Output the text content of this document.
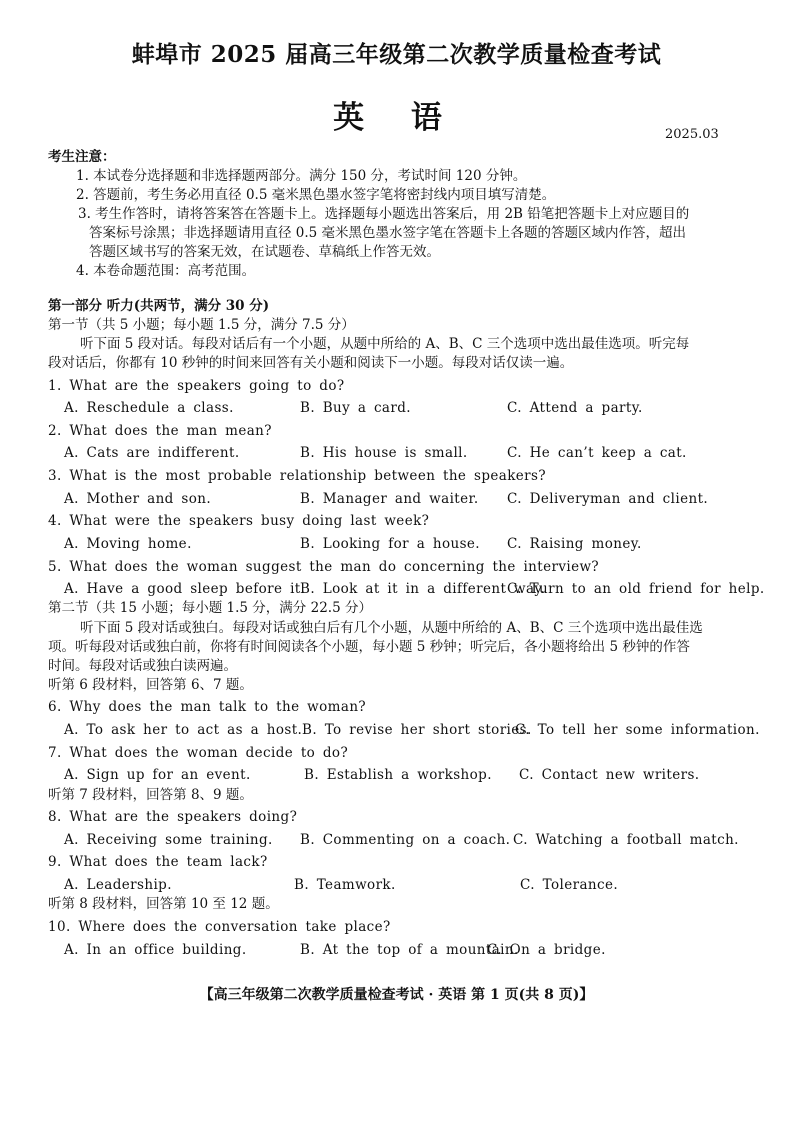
蚌埠市 2025 届高三年级第二次教学质量检查考试
英 语	2025.03
考生注意：
1. 本试卷分选择题和非选择题两部分。满分 150 分，考试时间 120 分钟。
2. 答题前，考生务必用直径 0.5 毫米黑色墨水签字笔将密封线内项目填写清楚。
3. 考生作答时，请将答案答在答题卡上。选择题每小题选出答案后，用 2B 铅笔把答题卡上对应题目的
答案标号涂黑；非选择题请用直径 0.5 毫米黑色墨水签字笔在答题卡上各题的答题区域内作答，超出
答题区域书写的答案无效，在试题卷、草稿纸上作答无效。
4. 本卷命题范围：高考范围。
第一部分 听力(共两节，满分 30 分)
第一节（共 5 小题；每小题 1.5 分，满分 7.5 分）
听下面 5 段对话。每段对话后有一个小题，从题中所给的 A、B、C 三个选项中选出最佳选项。听完每
段对话后，你都有 10 秒钟的时间来回答有关小题和阅读下一小题。每段对话仅读一遍。
1. What are the speakers going to do?
A. Reschedule a class.	B. Buy a card.	C. Attend a party.
2. What does the man mean?
A. Cats are indifferent.	B. His house is small.	C. He can’t keep a cat.
3. What is the most probable relationship between the speakers?
A. Mother and son.	B. Manager and waiter. C. Deliveryman and client.
4. What were the speakers busy doing last week?
A. Moving home.	B. Looking for a house. C. Raising money.
5. What does the woman suggest the man do concerning the interview?
A. Have a good sleep before it.
B. Look at it in a different way.
C. Turn to an old friend for help.
第二节（共 15 小题；每小题 1.5 分，满分 22.5 分）
听下面 5 段对话或独白。每段对话或独白后有几个小题，从题中所给的 A、B、C 三个选项中选出最佳选
项。听每段对话或独白前，你将有时间阅读各个小题，每小题 5 秒钟；听完后，各小题将给出 5 秒钟的作答
时间。每段对话或独白读两遍。
听第 6 段材料，回答第 6、7 题。
6. Why does the man talk to the woman?
A. To ask her to act as a host. B. To revise her short stories.
C. To tell her some information.
7. What does the woman decide to do?
A. Sign up for an event.	B. Establish a workshop. C. Contact new writers.
听第 7 段材料，回答第 8、9 题。
8. What are the speakers doing?
A. Receiving some training. B. Commenting on a coach. C. Watching a football match.
9. What does the team lack?
A. Leadership.	B. Teamwork.	C. Tolerance.
听第 8 段材料，回答第 10 至 12 题。
10. Where does the conversation take place?
A. In an office building.	B. At the top of a mountain.
C. On a bridge.
【高三年级第二次教学质量检查考试 · 英语 第 1 页(共 8 页)】
